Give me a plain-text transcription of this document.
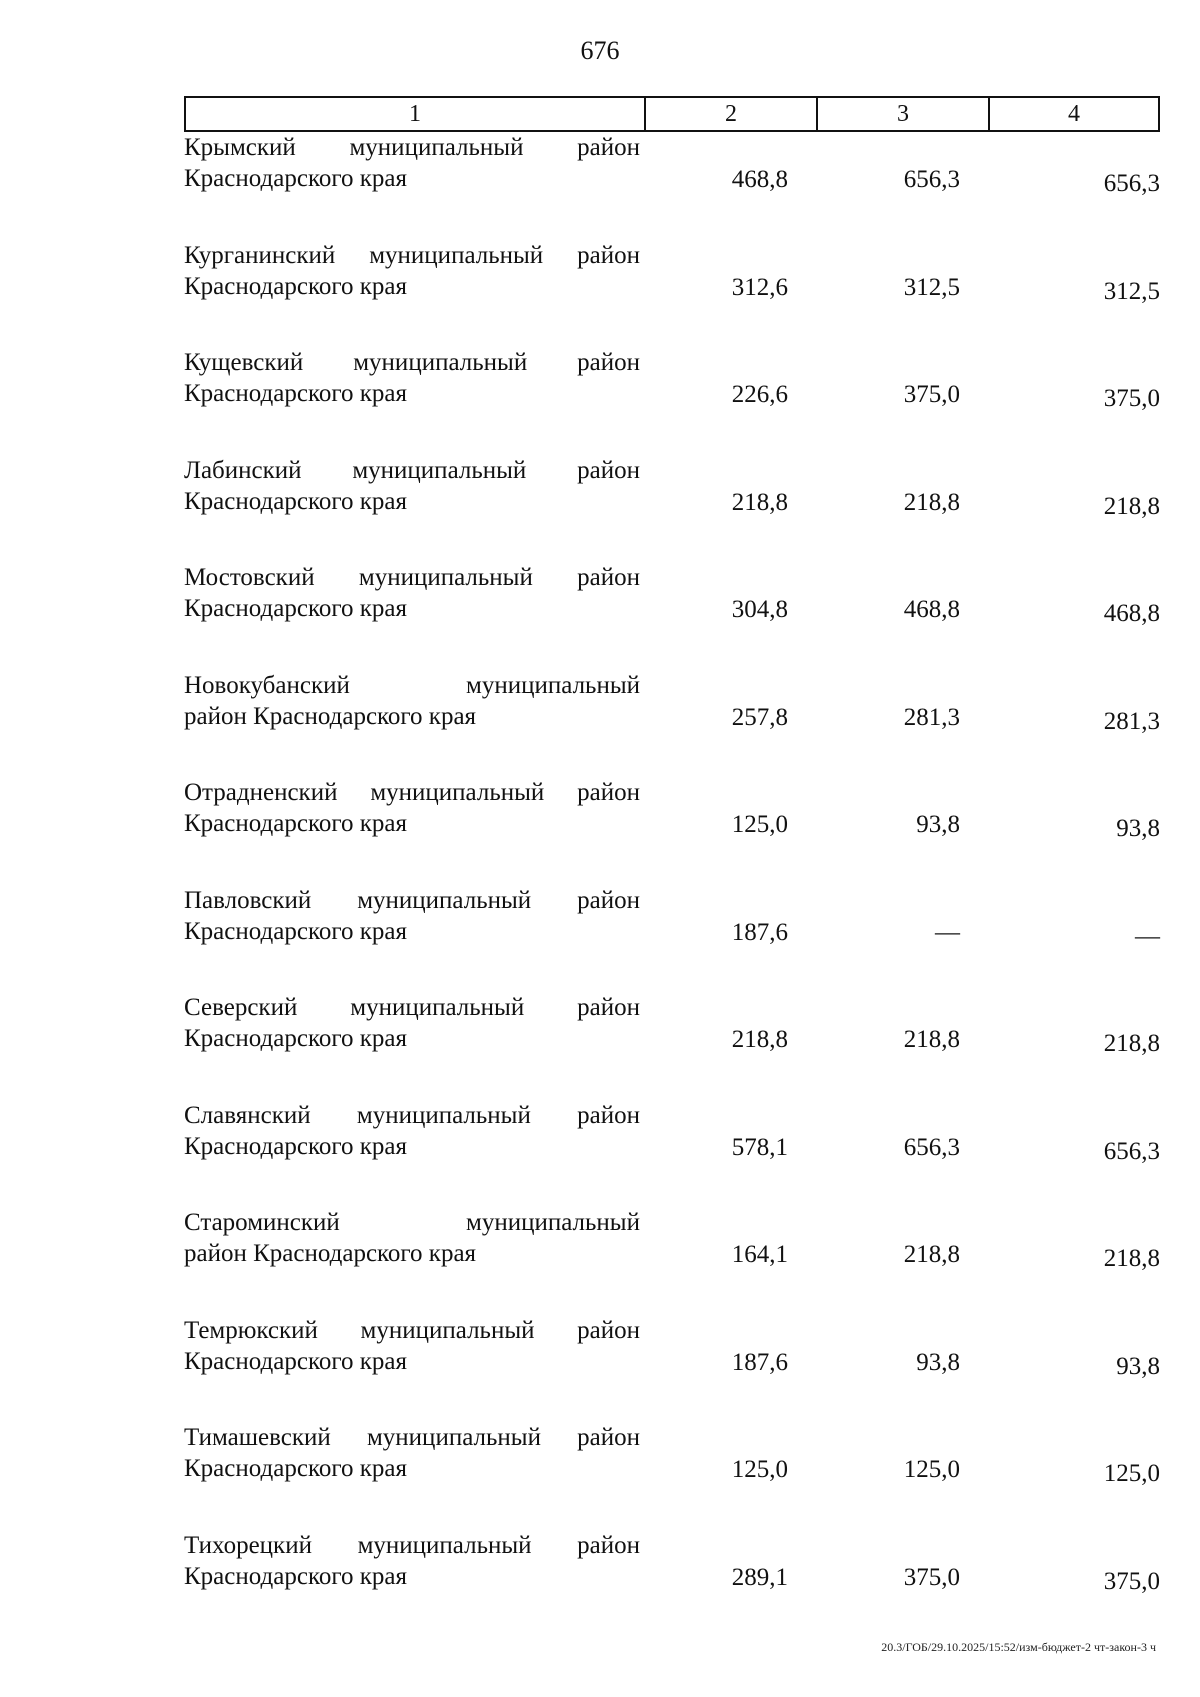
676
1	2	3	4
Крымский муниципальный район
Краснодарского края	468,8	656,3	656,3
Курганинский муниципальный район
Краснодарского края	312,6	312,5	312,5
Кущевский муниципальный район
Краснодарского края	226,6	375,0	375,0
Лабинский муниципальный район
Краснодарского края	218,8	218,8	218,8
Мостовский муниципальный район
Краснодарского края	304,8	468,8	468,8
Новокубанский муниципальный
район Краснодарского края	257,8	281,3	281,3
Отрадненский муниципальный район
Краснодарского края	125,0	93,8	93,8
Павловский муниципальный район
Краснодарского края	187,6	—	—
Северский муниципальный район
Краснодарского края	218,8	218,8	218,8
Славянский муниципальный район
Краснодарского края	578,1	656,3	656,3
Староминский муниципальный
район Краснодарского края	164,1	218,8	218,8
Темрюкский муниципальный район
Краснодарского края	187,6	93,8	93,8
Тимашевский муниципальный район
Краснодарского края	125,0	125,0	125,0
Тихорецкий муниципальный район
Краснодарского края	289,1	375,0	375,0
20.3/ГОБ/29.10.2025/15:52/изм-бюджет-2 чт-закон-3 ч
